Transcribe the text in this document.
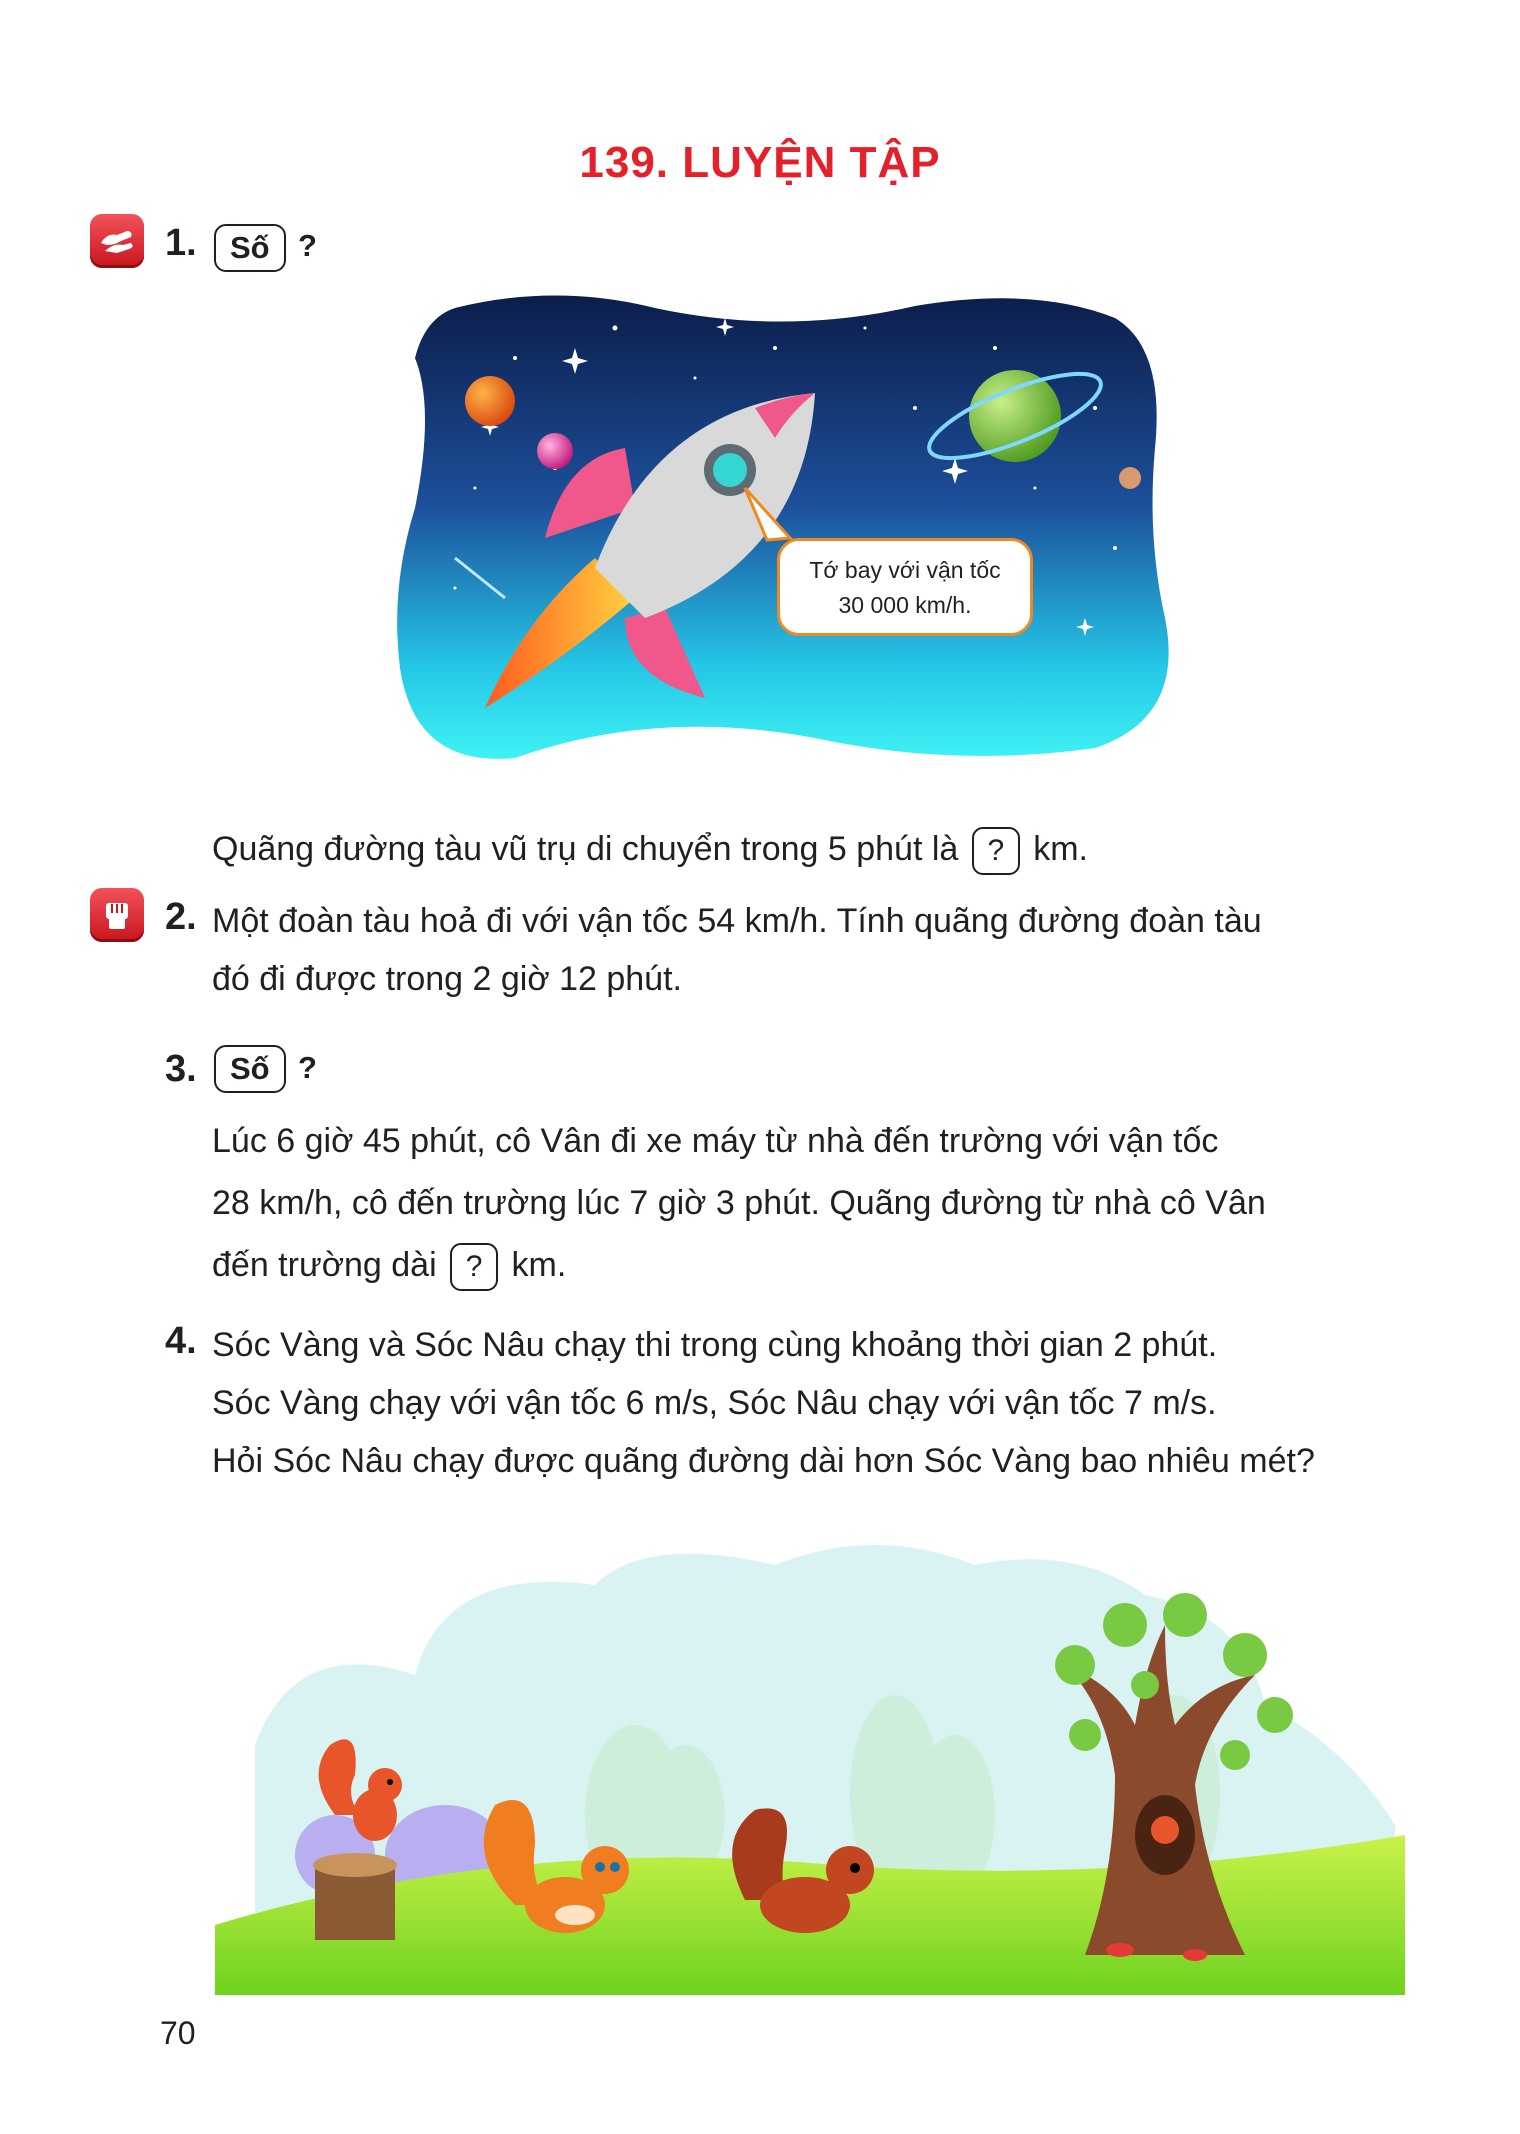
139. LUYỆN TẬP
1.	Số ?
Tớ bay với vận tốc
30 000 km/h.
Quãng đường tàu vũ trụ di chuyển trong 5 phút là ? km.
2. Một đoàn tàu hoả đi với vận tốc 54 km/h. Tính quãng đường đoàn tàu
đó đi được trong 2 giờ 12 phút.
3.	Số ?
Lúc 6 giờ 45 phút, cô Vân đi xe máy từ nhà đến trường với vận tốc
28 km/h, cô đến trường lúc 7 giờ 3 phút. Quãng đường từ nhà cô Vân
đến trường dài ? km.
4. Sóc Vàng và Sóc Nâu chạy thi trong cùng khoảng thời gian 2 phút.
Sóc Vàng chạy với vận tốc 6 m/s, Sóc Nâu chạy với vận tốc 7 m/s.
Hỏi Sóc Nâu chạy được quãng đường dài hơn Sóc Vàng bao nhiêu mét?
70
